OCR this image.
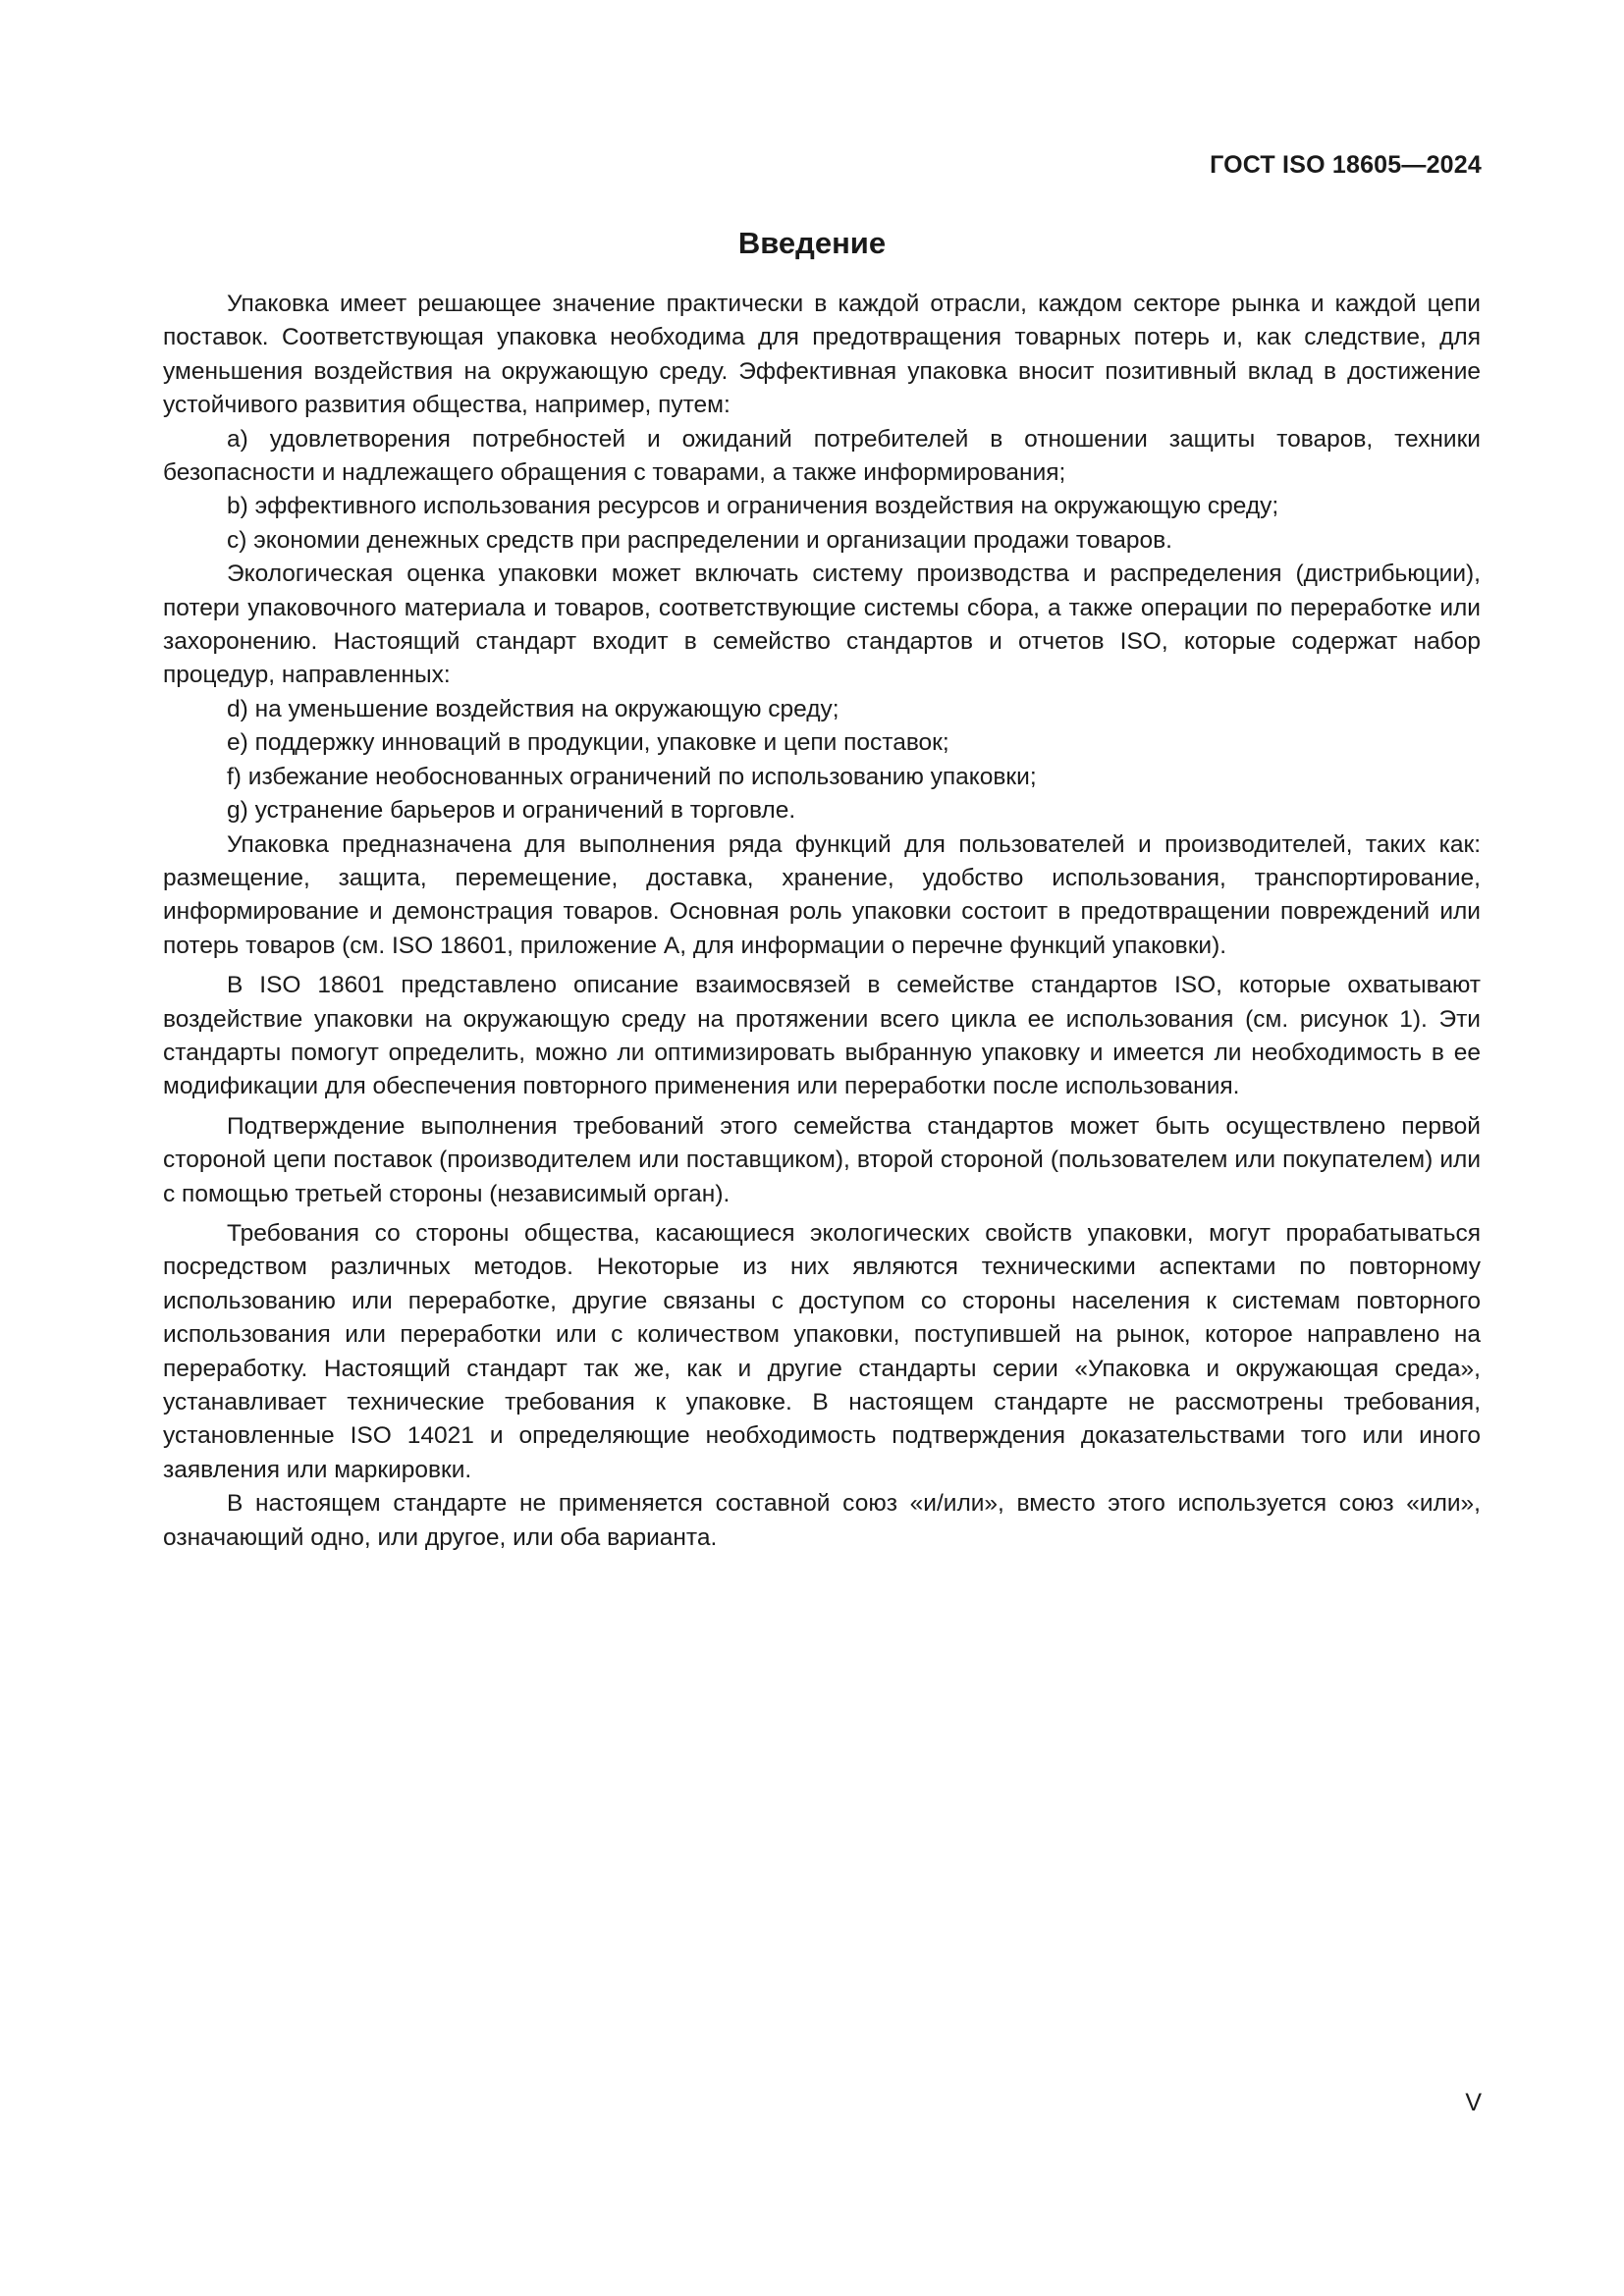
ГОСТ ISO 18605—2024
Введение

Упаковка имеет решающее значение практически в каждой отрасли, каждом секторе рынка и каждой цепи поставок. Соответствующая упаковка необходима для предотвращения товарных потерь и, как следствие, для уменьшения воздействия на окружающую среду. Эффективная упаковка вносит позитивный вклад в достижение устойчивого развития общества, например, путем:

a) удовлетворения потребностей и ожиданий потребителей в отношении защиты товаров, техники безопасности и надлежащего обращения с товарами, а также информирования;

b) эффективного использования ресурсов и ограничения воздействия на окружающую среду;

c) экономии денежных средств при распределении и организации продажи товаров.

Экологическая оценка упаковки может включать систему производства и распределения (дистрибьюции), потери упаковочного материала и товаров, соответствующие системы сбора, а также операции по переработке или захоронению. Настоящий стандарт входит в семейство стандартов и отчетов ISO, которые содержат набор процедур, направленных:

d) на уменьшение воздействия на окружающую среду;

e) поддержку инноваций в продукции, упаковке и цепи поставок;

f) избежание необоснованных ограничений по использованию упаковки;

g) устранение барьеров и ограничений в торговле.

Упаковка предназначена для выполнения ряда функций для пользователей и производителей, таких как: размещение, защита, перемещение, доставка, хранение, удобство использования, транспортирование, информирование и демонстрация товаров. Основная роль упаковки состоит в предотвращении повреждений или потерь товаров (см. ISO 18601, приложение А, для информации о перечне функций упаковки).

В ISO 18601 представлено описание взаимосвязей в семействе стандартов ISO, которые охватывают воздействие упаковки на окружающую среду на протяжении всего цикла ее использования (см. рисунок 1). Эти стандарты помогут определить, можно ли оптимизировать выбранную упаковку и имеется ли необходимость в ее модификации для обеспечения повторного применения или переработки после использования.

Подтверждение выполнения требований этого семейства стандартов может быть осуществлено первой стороной цепи поставок (производителем или поставщиком), второй стороной (пользователем или покупателем) или с помощью третьей стороны (независимый орган).

Требования со стороны общества, касающиеся экологических свойств упаковки, могут прорабатываться посредством различных методов. Некоторые из них являются техническими аспектами по повторному использованию или переработке, другие связаны с доступом со стороны населения к системам повторного использования или переработки или с количеством упаковки, поступившей на рынок, которое направлено на переработку. Настоящий стандарт так же, как и другие стандарты серии «Упаковка и окружающая среда», устанавливает технические требования к упаковке. В настоящем стандарте не рассмотрены требования, установленные ISO 14021 и определяющие необходимость подтверждения доказательствами того или иного заявления или маркировки.

В настоящем стандарте не применяется составной союз «и/или», вместо этого используется союз «или», означающий одно, или другое, или оба варианта.

V
